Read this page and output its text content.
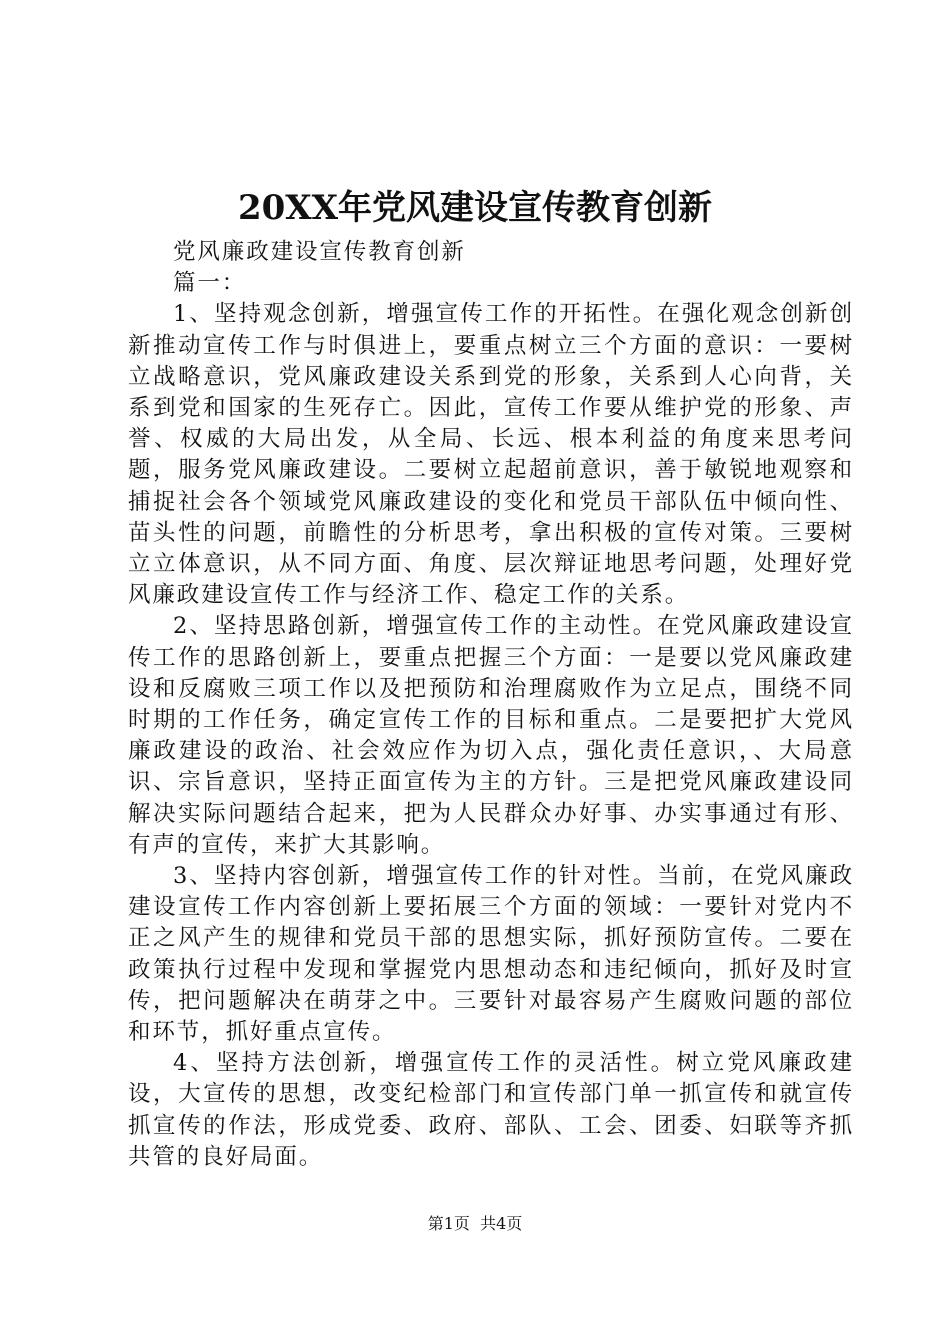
20XX年党风建设宣传教育创新

党风廉政建设宣传教育创新

篇一：

1、坚持观念创新，增强宣传工作的开拓性。在强化观念创新创新推动宣传工作与时俱进上，要重点树立三个方面的意识：一要树立战略意识，党风廉政建设关系到党的形象，关系到人心向背，关系到党和国家的生死存亡。因此，宣传工作要从维护党的形象、声誉、权威的大局出发，从全局、长远、根本利益的角度来思考问题，服务党风廉政建设。二要树立起超前意识，善于敏锐地观察和捕捉社会各个领域党风廉政建设的变化和党员干部队伍中倾向性、苗头性的问题，前瞻性的分析思考，拿出积极的宣传对策。三要树立立体意识，从不同方面、角度、层次辩证地思考问题，处理好党风廉政建设宣传工作与经济工作、稳定工作的关系。

2、坚持思路创新，增强宣传工作的主动性。在党风廉政建设宣传工作的思路创新上，要重点把握三个方面：一是要以党风廉政建设和反腐败三项工作以及把预防和治理腐败作为立足点，围绕不同时期的工作任务，确定宣传工作的目标和重点。二是要把扩大党风廉政建设的政治、社会效应作为切入点，强化责任意识，、大局意识、宗旨意识，坚持正面宣传为主的方针。三是把党风廉政建设同解决实际问题结合起来，把为人民群众办好事、办实事通过有形、有声的宣传，来扩大其影响。

3、坚持内容创新，增强宣传工作的针对性。当前，在党风廉政建设宣传工作内容创新上要拓展三个方面的领域：一要针对党内不正之风产生的规律和党员干部的思想实际，抓好预防宣传。二要在政策执行过程中发现和掌握党内思想动态和违纪倾向，抓好及时宣传，把问题解决在萌芽之中。三要针对最容易产生腐败问题的部位和环节，抓好重点宣传。

4、坚持方法创新，增强宣传工作的灵活性。树立党风廉政建设，大宣传的思想，改变纪检部门和宣传部门单一抓宣传和就宣传抓宣传的作法，形成党委、政府、部队、工会、团委、妇联等齐抓共管的良好局面。

第1页 共4页
